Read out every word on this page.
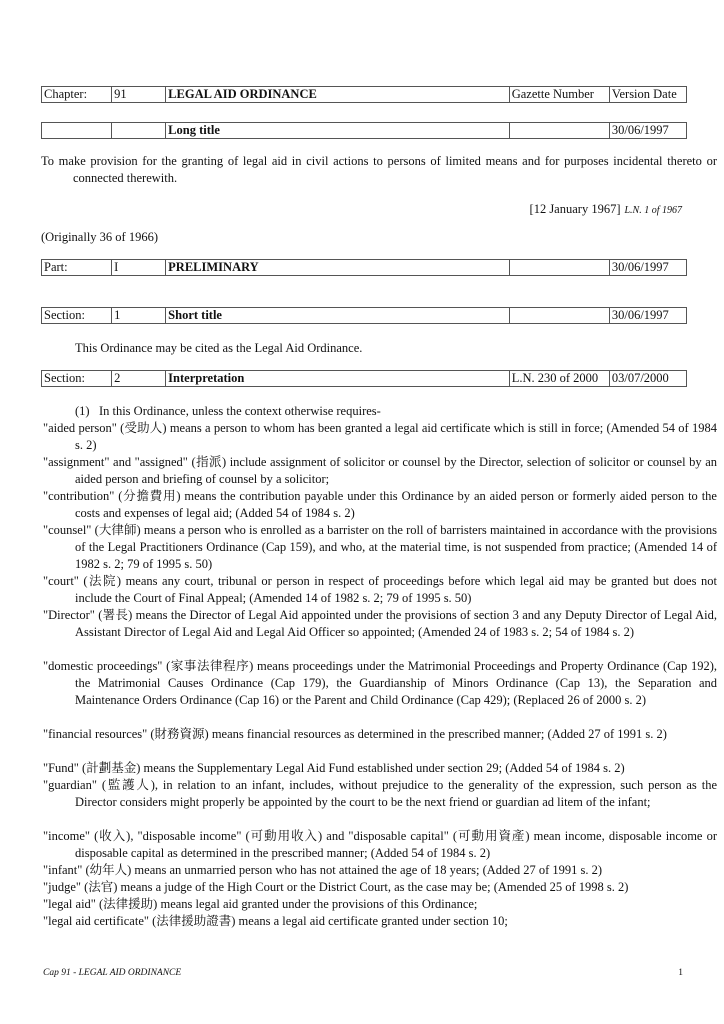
Chapter:	91	LEGAL AID ORDINANCE	Gazette Number	Version Date
		Long title		30/06/1997
To make provision for the granting of legal aid in civil actions to persons of limited means and for purposes incidental thereto or connected therewith.
[12 January 1967] L.N. 1 of 1967
(Originally 36 of 1966)
Part:	I	PRELIMINARY		30/06/1997
Section:	1	Short title		30/06/1997
This Ordinance may be cited as the Legal Aid Ordinance.
Section:	2	Interpretation	L.N. 230 of 2000	03/07/2000
(1)   In this Ordinance, unless the context otherwise requires-
"aided person" (受助人) means a person to whom has been granted a legal aid certificate which is still in force; (Amended 54 of 1984 s. 2)
"assignment" and "assigned" (指派) include assignment of solicitor or counsel by the Director, selection of solicitor or counsel by an aided person and briefing of counsel by a solicitor;
"contribution" (分擔費用) means the contribution payable under this Ordinance by an aided person or formerly aided person to the costs and expenses of legal aid; (Added 54 of 1984 s. 2)
"counsel" (大律師) means a person who is enrolled as a barrister on the roll of barristers maintained in accordance with the provisions of the Legal Practitioners Ordinance (Cap 159), and who, at the material time, is not suspended from practice; (Amended 14 of 1982 s. 2; 79 of 1995 s. 50)
"court" (法院) means any court, tribunal or person in respect of proceedings before which legal aid may be granted but does not include the Court of Final Appeal; (Amended 14 of 1982 s. 2; 79 of 1995 s. 50)
"Director" (署長) means the Director of Legal Aid appointed under the provisions of section 3 and any Deputy Director of Legal Aid, Assistant Director of Legal Aid and Legal Aid Officer so appointed; (Amended 24 of 1983 s. 2; 54 of 1984 s. 2)
"domestic proceedings" (家事法律程序) means proceedings under the Matrimonial Proceedings and Property Ordinance (Cap 192), the Matrimonial Causes Ordinance (Cap 179), the Guardianship of Minors Ordinance (Cap 13), the Separation and Maintenance Orders Ordinance (Cap 16) or the Parent and Child Ordinance (Cap 429); (Replaced 26 of 2000 s. 2)
"financial resources" (財務資源) means financial resources as determined in the prescribed manner; (Added 27 of 1991 s. 2)
"Fund" (計劃基金) means the Supplementary Legal Aid Fund established under section 29; (Added 54 of 1984 s. 2)
"guardian" (監護人), in relation to an infant, includes, without prejudice to the generality of the expression, such person as the Director considers might properly be appointed by the court to be the next friend or guardian ad litem of the infant;
"income" (收入), "disposable income" (可動用收入) and "disposable capital" (可動用資產) mean income, disposable income or disposable capital as determined in the prescribed manner; (Added 54 of 1984 s. 2)
"infant" (幼年人) means an unmarried person who has not attained the age of 18 years; (Added 27 of 1991 s. 2)
"judge" (法官) means a judge of the High Court or the District Court, as the case may be; (Amended 25 of 1998 s. 2)
"legal aid" (法律援助) means legal aid granted under the provisions of this Ordinance;
"legal aid certificate" (法律援助證書) means a legal aid certificate granted under section 10;
Cap 91 - LEGAL AID ORDINANCE	1
